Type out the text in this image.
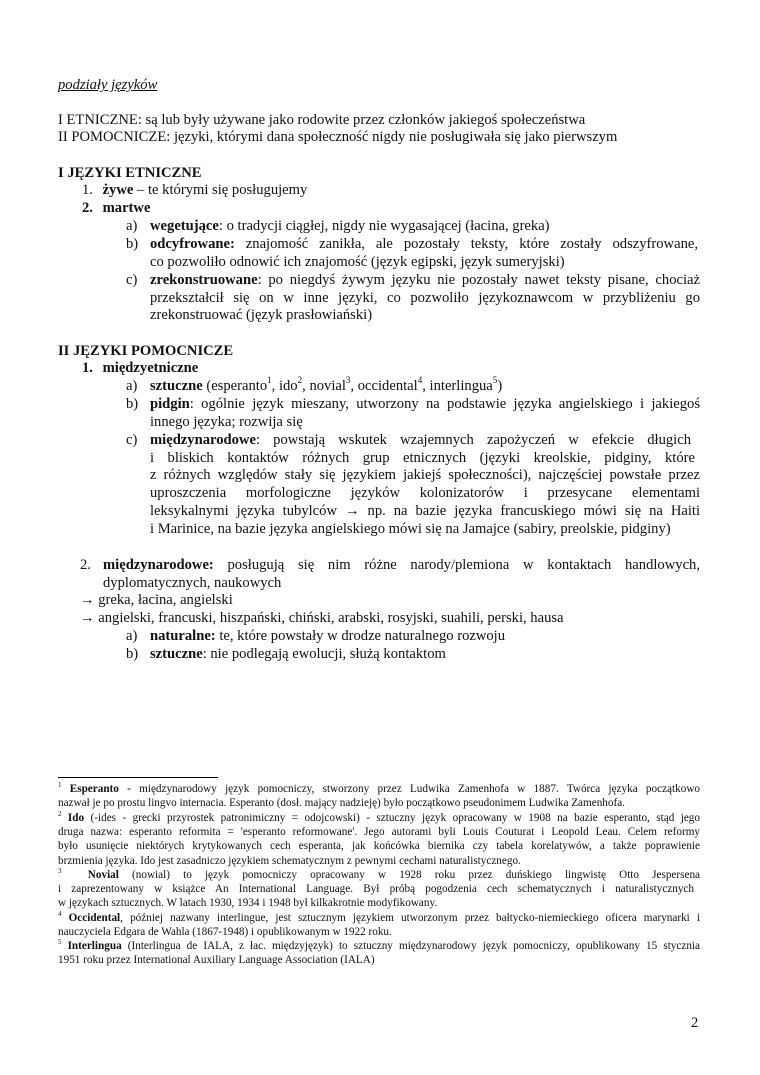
podziały języków
I ETNICZNE: są lub były używane jako rodowite przez członków jakiegoś społeczeństwa
II POMOCNICZE: języki, którymi dana społeczność nigdy nie posługiwała się jako pierwszym
I JĘZYKI ETNICZNE
1. żywe – te którymi się posługujemy
2. martwe
a) wegetujące: o tradycji ciągłej, nigdy nie wygasającej (łacina, greka)
b) odcyfrowane: znajomość zanikła, ale pozostały teksty, które zostały odszyfrowane,
co pozwoliło odnowić ich znajomość (język egipski, język sumeryjski)
c) zrekonstruowane: po niegdyś żywym języku nie pozostały nawet teksty pisane, chociaż
przekształcił się on w inne języki, co pozwoliło językoznawcom w przybliżeniu go
zrekonstruować (język prasłowiański)
II JĘZYKI POMOCNICZE
1. międzyetniczne
a) sztuczne (esperanto$^1$, ido$^2$, novial$^3$, occidental$^4$, interlingua$^5$)
b) pidgin: ogólnie język mieszany, utworzony na podstawie języka angielskiego i jakiegoś
innego języka; rozwija się
c) międzynarodowe: powstają wskutek wzajemnych zapożyczeń w efekcie długich
i bliskich kontaktów różnych grup etnicznych (języki kreolskie, pidginy, które
z różnych względów stały się językiem jakiejś społeczności), najczęściej powstałe przez
uproszczenia morfologiczne języków kolonizatorów i przesycane elementami
leksykalnymi języka tubylców → np. na bazie języka francuskiego mówi się na Haiti
i Marinice, na bazie języka angielskiego mówi się na Jamajce (sabiry, preolskie, pidginy)
2. międzynarodowe: posługują się nim różne narody/plemiona w kontaktach handlowych,
dyplomatycznych, naukowych
→ greka, łacina, angielski
→ angielski, francuski, hiszpański, chiński, arabski, rosyjski, suahili, perski, hausa
a) naturalne: te, które powstały w drodze naturalnego rozwoju
b) sztuczne: nie podlegają ewolucji, służą kontaktom
$^1$ Esperanto - międzynarodowy język pomocniczy, stworzony przez Ludwika Zamenhofa w 1887. Twórca języka początkowo
nazwał je po prostu lingvo internacia. Esperanto (dosł. mający nadzieję) było początkowo pseudonimem Ludwika Zamenhofa.
$^2$ Ido (-ides - grecki przyrostek patronimiczny = odojcowski) - sztuczny język opracowany w 1908 na bazie esperanto, stąd jego
druga nazwa: esperanto reformita = 'esperanto reformowane'. Jego autorami byli Louis Couturat i Leopold Leau. Celem reformy
było usunięcie niektórych krytykowanych cech esperanta, jak końcówka biernika czy tabela korelatywów, a także poprawienie
brzmienia języka. Ido jest zasadniczo językiem schematycznym z pewnymi cechami naturalistycznego.
$^3$ Novial (nowial) to język pomocniczy opracowany w 1928 roku przez duńskiego lingwistę Otto Jespersena
i zaprezentowany w książce An International Language. Był próbą pogodzenia cech schematycznych i naturalistycznych
w językach sztucznych. W latach 1930, 1934 i 1948 był kilkakrotnie modyfikowany.
$^4$ Occidental, później nazwany interlingue, jest sztucznym językiem utworzonym przez bałtycko-niemieckiego oficera marynarki i
nauczyciela Edgara de Wahla (1867-1948) i opublikowanym w 1922 roku.
$^5$ Interlingua (Interlingua de IALA, z łac. międzyjęzyk) to sztuczny międzynarodowy język pomocniczy, opublikowany 15 stycznia
1951 roku przez International Auxiliary Language Association (IALA)
2
